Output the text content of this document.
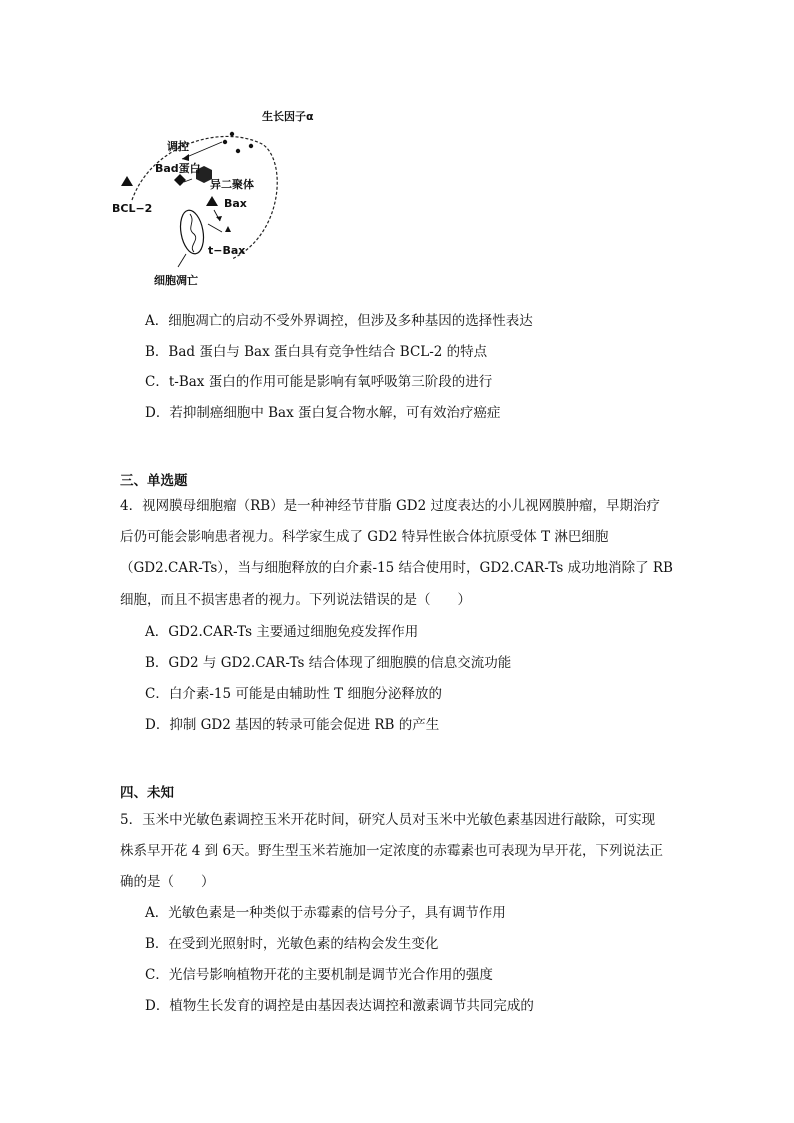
生长因子α
调控
Bad蛋白
异二聚体
BCL−2	Bax
t−Bax
细胞凋亡
A．细胞凋亡的启动不受外界调控，但涉及多种基因的选择性表达
B．Bad 蛋白与 Bax 蛋白具有竞争性结合 BCL-2 的特点
C．t-Bax 蛋白的作用可能是影响有氧呼吸第三阶段的进行
D．若抑制癌细胞中 Bax 蛋白复合物水解，可有效治疗癌症
三、单选题
4．视网膜母细胞瘤（RB）是一种神经节苷脂 GD2 过度表达的小儿视网膜肿瘤，早期治疗
后仍可能会影响患者视力。科学家生成了 GD2 特异性嵌合体抗原受体 T 淋巴细胞
（GD2.CAR-Ts），当与细胞释放的白介素-15 结合使用时，GD2.CAR-Ts 成功地消除了 RB
细胞，而且不损害患者的视力。下列说法错误的是（　　）
A．GD2.CAR-Ts 主要通过细胞免疫发挥作用
B．GD2 与 GD2.CAR-Ts 结合体现了细胞膜的信息交流功能
C．白介素-15 可能是由辅助性 T 细胞分泌释放的
D．抑制 GD2 基因的转录可能会促进 RB 的产生
四、未知
5．玉米中光敏色素调控玉米开花时间，研究人员对玉米中光敏色素基因进行敲除，可实现
株系早开花 4 到 6天。野生型玉米若施加一定浓度的赤霉素也可表现为早开花，下列说法正
确的是（　　）
A．光敏色素是一种类似于赤霉素的信号分子，具有调节作用
B．在受到光照射时，光敏色素的结构会发生变化
C．光信号影响植物开花的主要机制是调节光合作用的强度
D．植物生长发育的调控是由基因表达调控和激素调节共同完成的
